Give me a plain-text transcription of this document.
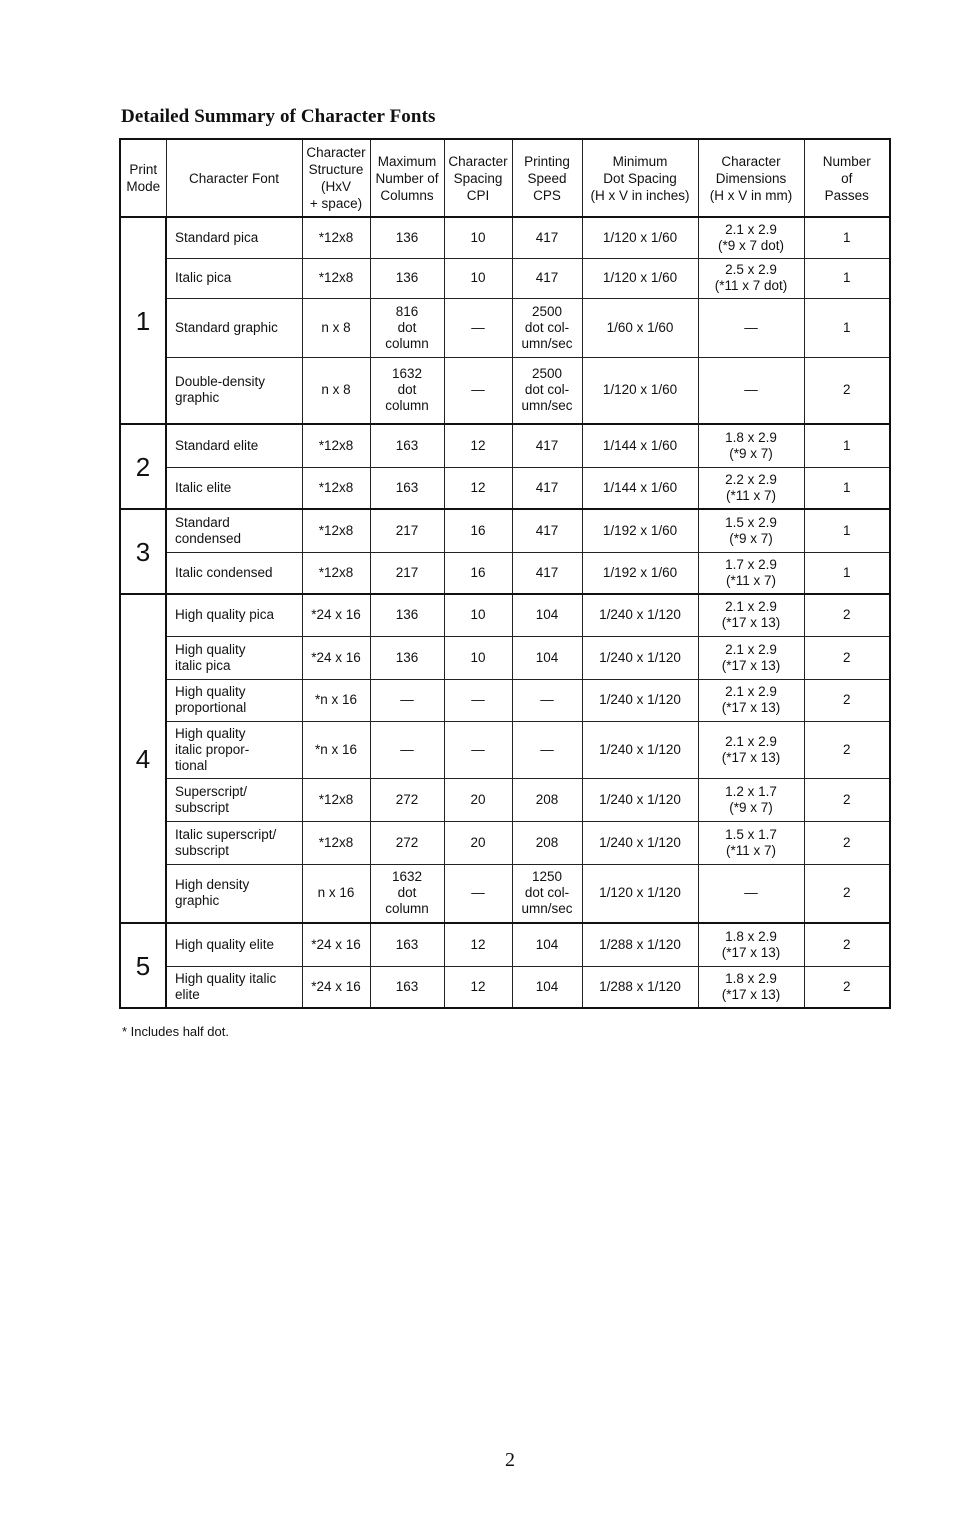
Detailed Summary of Character Fonts
Print
Mode	Character Font	Character
Structure
(HxV
+ space)	Maximum
Number of
Columns	Character
Spacing
CPI	Printing
Speed
CPS	Minimum
Dot Spacing
(H x V in inches)	Character
Dimensions
(H x V in mm)	Number
of
Passes
1	Standard pica	*12x8	136	10	417	1/120 x 1/60	2.1 x 2.9
(*9 x 7 dot)	1
	Italic pica	*12x8	136	10	417	1/120 x 1/60	2.5 x 2.9
(*11 x 7 dot)	1
	Standard graphic	n x 8	816
dot
column	—	2500
dot col-
umn/sec	1/60 x 1/60	—	1
	Double-density
graphic	n x 8	1632
dot
column	—	2500
dot col-
umn/sec	1/120 x 1/60	—	2
2	Standard elite	*12x8	163	12	417	1/144 x 1/60	1.8 x 2.9
(*9 x 7)	1
	Italic elite	*12x8	163	12	417	1/144 x 1/60	2.2 x 2.9
(*11 x 7)	1
3	Standard
condensed	*12x8	217	16	417	1/192 x 1/60	1.5 x 2.9
(*9 x 7)	1
	Italic condensed	*12x8	217	16	417	1/192 x 1/60	1.7 x 2.9
(*11 x 7)	1
4	High quality pica	*24 x 16	136	10	104	1/240 x 1/120	2.1 x 2.9
(*17 x 13)	2
	High quality
italic pica	*24 x 16	136	10	104	1/240 x 1/120	2.1 x 2.9
(*17 x 13)	2
	High quality
proportional	*n x 16	—	—	—	1/240 x 1/120	2.1 x 2.9
(*17 x 13)	2
	High quality
italic propor-
tional	*n x 16	—	—	—	1/240 x 1/120	2.1 x 2.9
(*17 x 13)	2
	Superscript/
subscript	*12x8	272	20	208	1/240 x 1/120	1.2 x 1.7
(*9 x 7)	2
	Italic superscript/
subscript	*12x8	272	20	208	1/240 x 1/120	1.5 x 1.7
(*11 x 7)	2
	High density
graphic	n x 16	1632
dot
column	—	1250
dot col-
umn/sec	1/120 x 1/120	—	2
5	High quality elite	*24 x 16	163	12	104	1/288 x 1/120	1.8 x 2.9
(*17 x 13)	2
	High quality italic
elite	*24 x 16	163	12	104	1/288 x 1/120	1.8 x 2.9
(*17 x 13)	2
* Includes half dot.
2
